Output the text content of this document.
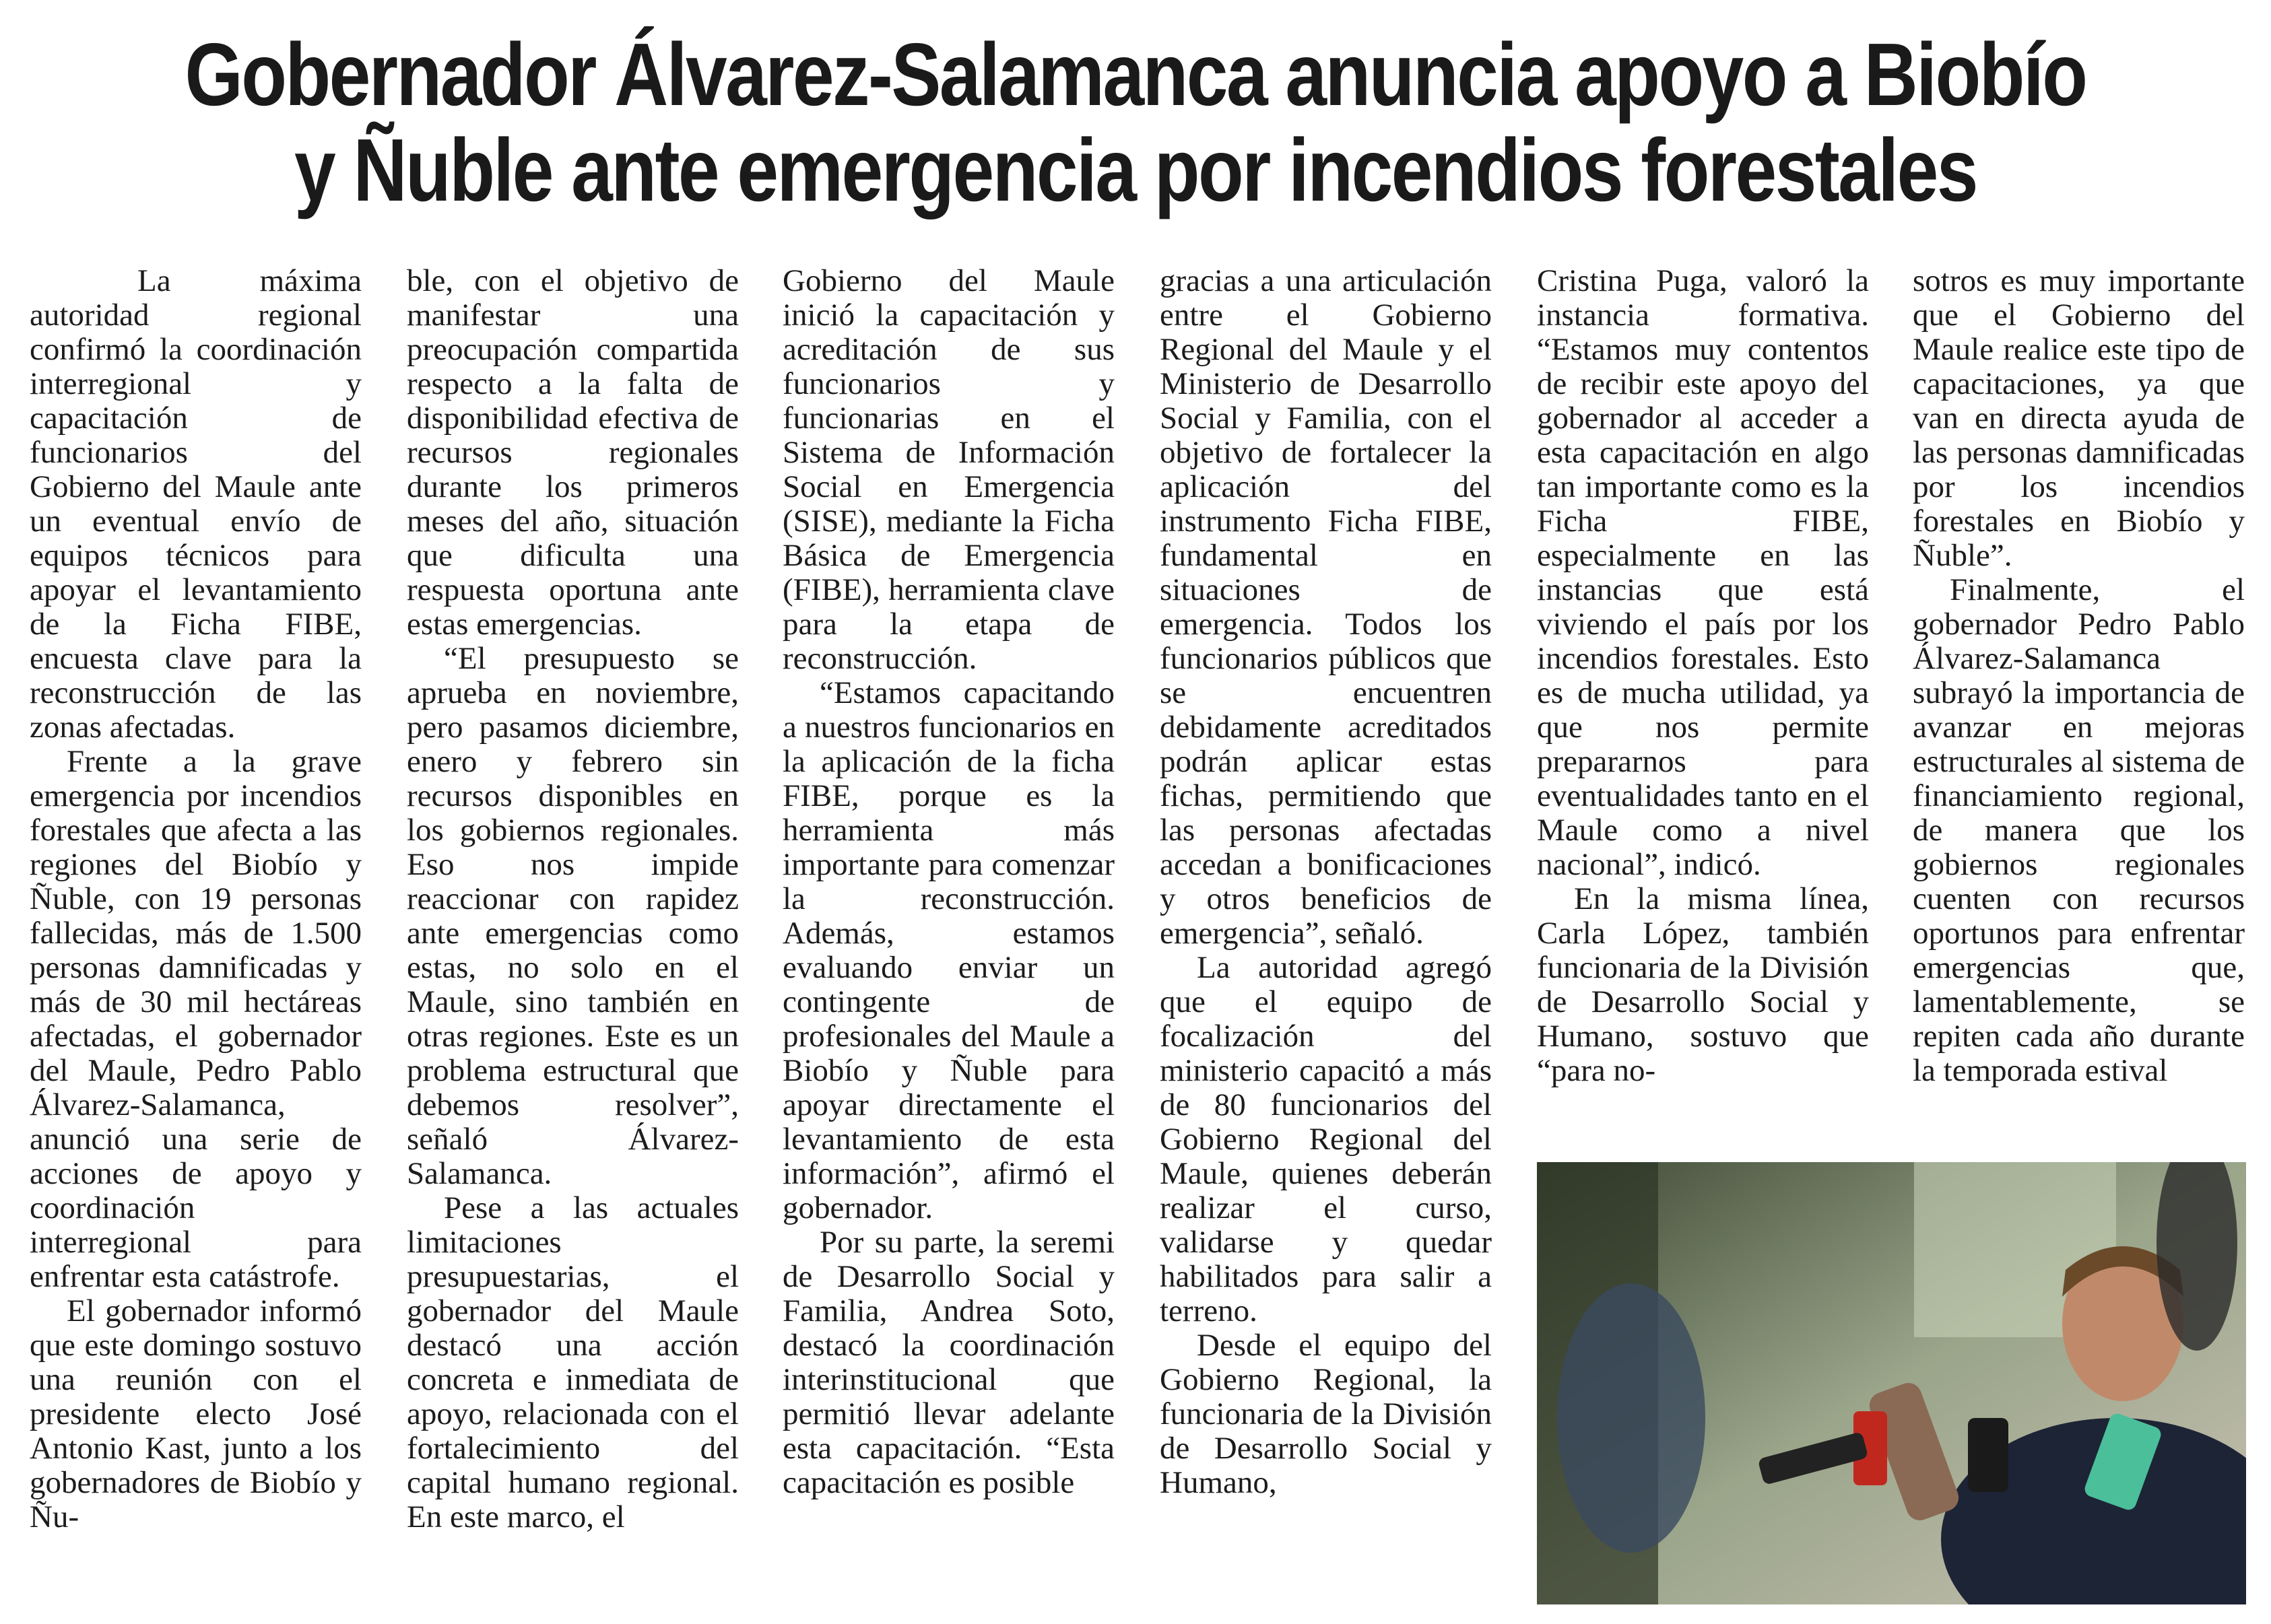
Gobernador Álvarez-Salamanca anuncia apoyo a Biobío
y Ñuble ante emergencia por incendios forestales

La máxima autoridad regional confirmó la coordinación interregional y capacitación de funcionarios del Gobierno del Maule ante un eventual envío de equipos técnicos para apoyar el levantamiento de la Ficha FIBE, encuesta clave para la reconstrucción de las zonas afectadas.

Frente a la grave emergencia por incendios forestales que afecta a las regiones del Biobío y Ñuble, con 19 personas fallecidas, más de 1.500 personas damnificadas y más de 30 mil hectáreas afectadas, el gobernador del Maule, Pedro Pablo Álvarez-Salamanca, anunció una serie de acciones de apoyo y coordinación interregional para enfrentar esta catástrofe.

El gobernador informó que este domingo sostuvo una reunión con el presidente electo José Antonio Kast, junto a los gobernadores de Biobío y Ñu-

ble, con el objetivo de manifestar una preocupación compartida respecto a la falta de disponibilidad efectiva de recursos regionales durante los primeros meses del año, situación que dificulta una respuesta oportuna ante estas emergencias.

“El presupuesto se aprueba en noviembre, pero pasamos diciembre, enero y febrero sin recursos disponibles en los gobiernos regionales. Eso nos impide reaccionar con rapidez ante emergencias como estas, no solo en el Maule, sino también en otras regiones. Este es un problema estructural que debemos resolver”, señaló Álvarez-Salamanca.

Pese a las actuales limitaciones presupuestarias, el gobernador del Maule destacó una acción concreta e inmediata de apoyo, relacionada con el fortalecimiento del capital humano regional. En este marco, el

Gobierno del Maule inició la capacitación y acreditación de sus funcionarios y funcionarias en el Sistema de Información Social en Emergencia (SISE), mediante la Ficha Básica de Emergencia (FIBE), herramienta clave para la etapa de reconstrucción.

“Estamos capacitando a nuestros funcionarios en la aplicación de la ficha FIBE, porque es la herramienta más importante para comenzar la reconstrucción. Además, estamos evaluando enviar un contingente de profesionales del Maule a Biobío y Ñuble para apoyar directamente el levantamiento de esta información”, afirmó el gobernador.

Por su parte, la seremi de Desarrollo Social y Familia, Andrea Soto, destacó la coordinación interinstitucional que permitió llevar adelante esta capacitación. “Esta capacitación es posible

gracias a una articulación entre el Gobierno Regional del Maule y el Ministerio de Desarrollo Social y Familia, con el objetivo de fortalecer la aplicación del instrumento Ficha FIBE, fundamental en situaciones de emergencia. Todos los funcionarios públicos que se encuentren debidamente acreditados podrán aplicar estas fichas, permitiendo que las personas afectadas accedan a bonificaciones y otros beneficios de emergencia”, señaló.

La autoridad agregó que el equipo de focalización del ministerio capacitó a más de 80 funcionarios del Gobierno Regional del Maule, quienes deberán realizar el curso, validarse y quedar habilitados para salir a terreno.

Desde el equipo del Gobierno Regional, la funcionaria de la División de Desarrollo Social y Humano,

Cristina Puga, valoró la instancia formativa. “Estamos muy contentos de recibir este apoyo del gobernador al acceder a esta capacitación en algo tan importante como es la Ficha FIBE, especialmente en las instancias que está viviendo el país por los incendios forestales. Esto es de mucha utilidad, ya que nos permite prepararnos para eventualidades tanto en el Maule como a nivel nacional”, indicó.

En la misma línea, Carla López, también funcionaria de la División de Desarrollo Social y Humano, sostuvo que “para no-

sotros es muy importante que el Gobierno del Maule realice este tipo de capacitaciones, ya que van en directa ayuda de las personas damnificadas por los incendios forestales en Biobío y Ñuble”.

Finalmente, el gobernador Pedro Pablo Álvarez-Salamanca subrayó la importancia de avanzar en mejoras estructurales al sistema de financiamiento regional, de manera que los gobiernos regionales cuenten con recursos oportunos para enfrentar emergencias que, lamentablemente, se repiten cada año durante la temporada estival
